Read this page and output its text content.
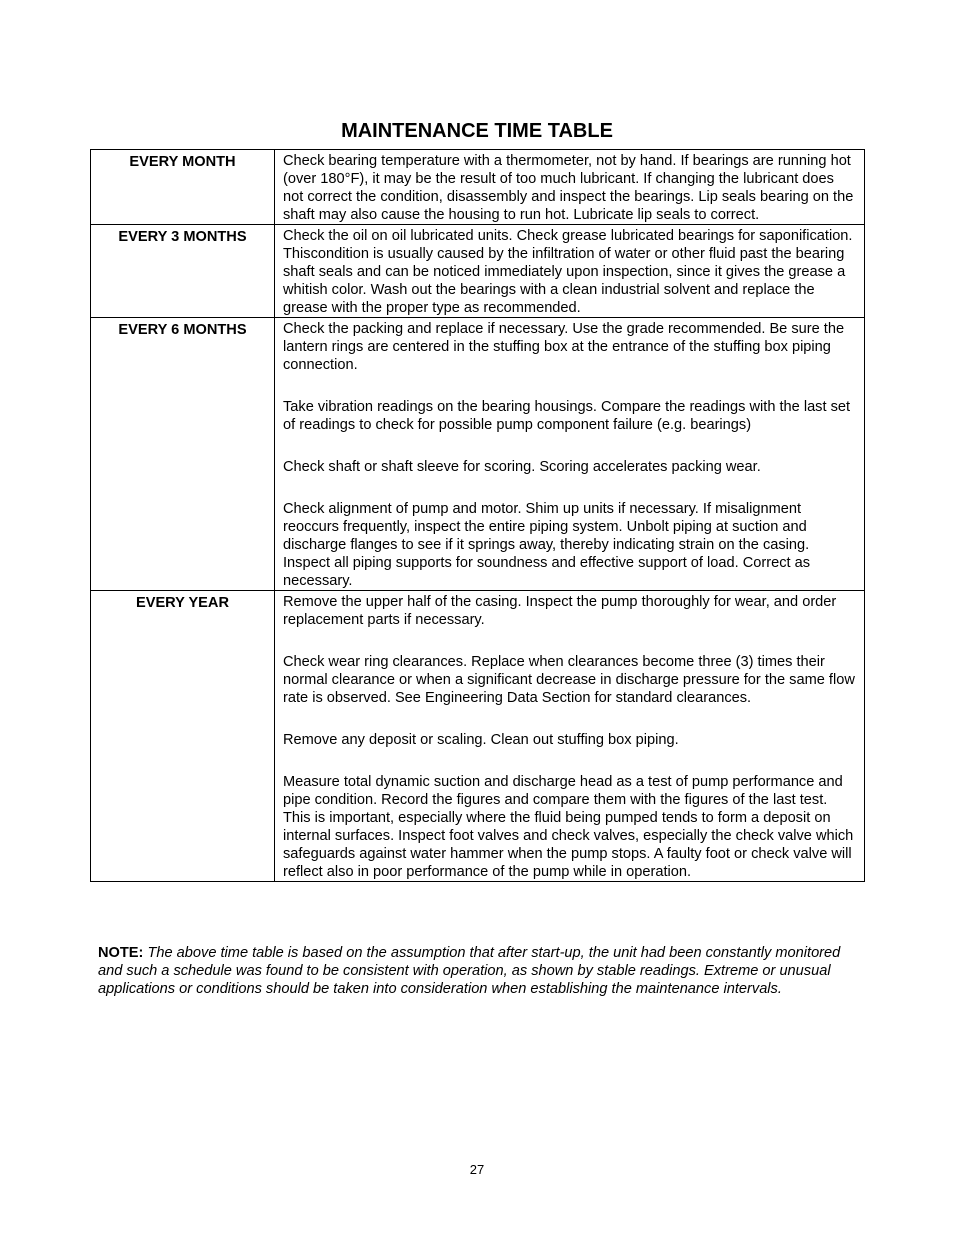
MAINTENANCE TIME TABLE
EVERY MONTH	Check bearing temperature with a thermometer, not by hand. If bearings are running hot (over 180°F), it may be the result of too much lubricant. If changing the lubricant does not correct the condition, disassembly and inspect the bearings. Lip seals bearing on the shaft may also cause the housing to run hot. Lubricate lip seals to correct.

EVERY 3 MONTHS	Check the oil on oil lubricated units. Check grease lubricated bearings for saponification. Thiscondition is usually caused by the infiltration of water or other fluid past the bearing shaft seals and can be noticed immediately upon inspection, since it gives the grease a whitish color. Wash out the bearings with a clean industrial solvent and replace the grease with the proper type as recommended.

EVERY 6 MONTHS	Check the packing and replace if necessary. Use the grade recommended. Be sure the lantern rings are centered in the stuffing box at the entrance of the stuffing box piping connection.

Take vibration readings on the bearing housings. Compare the readings with the last set of readings to check for possible pump component failure (e.g. bearings)

Check shaft or shaft sleeve for scoring. Scoring accelerates packing wear.

Check alignment of pump and motor. Shim up units if necessary. If misalignment reoccurs frequently, inspect the entire piping system. Unbolt piping at suction and discharge flanges to see if it springs away, thereby indicating strain on the casing. Inspect all piping supports for soundness and effective support of load. Correct as necessary.

EVERY YEAR	Remove the upper half of the casing. Inspect the pump thoroughly for wear, and order replacement parts if necessary.

Check wear ring clearances. Replace when clearances become three (3) times their normal clearance or when a significant decrease in discharge pressure for the same flow rate is observed. See Engineering Data Section for standard clearances.

Remove any deposit or scaling. Clean out stuffing box piping.

Measure total dynamic suction and discharge head as a test of pump performance and pipe condition. Record the figures and compare them with the figures of the last test. This is important, especially where the fluid being pumped tends to form a deposit on internal surfaces. Inspect foot valves and check valves, especially the check valve which safeguards against water hammer when the pump stops. A faulty foot or check valve will reflect also in poor performance of the pump while in operation.

NOTE: The above time table is based on the assumption that after start-up, the unit had been constantly monitored and such a schedule was found to be consistent with operation, as shown by stable readings. Extreme or unusual applications or conditions should be taken into consideration when establishing the maintenance intervals.
27
